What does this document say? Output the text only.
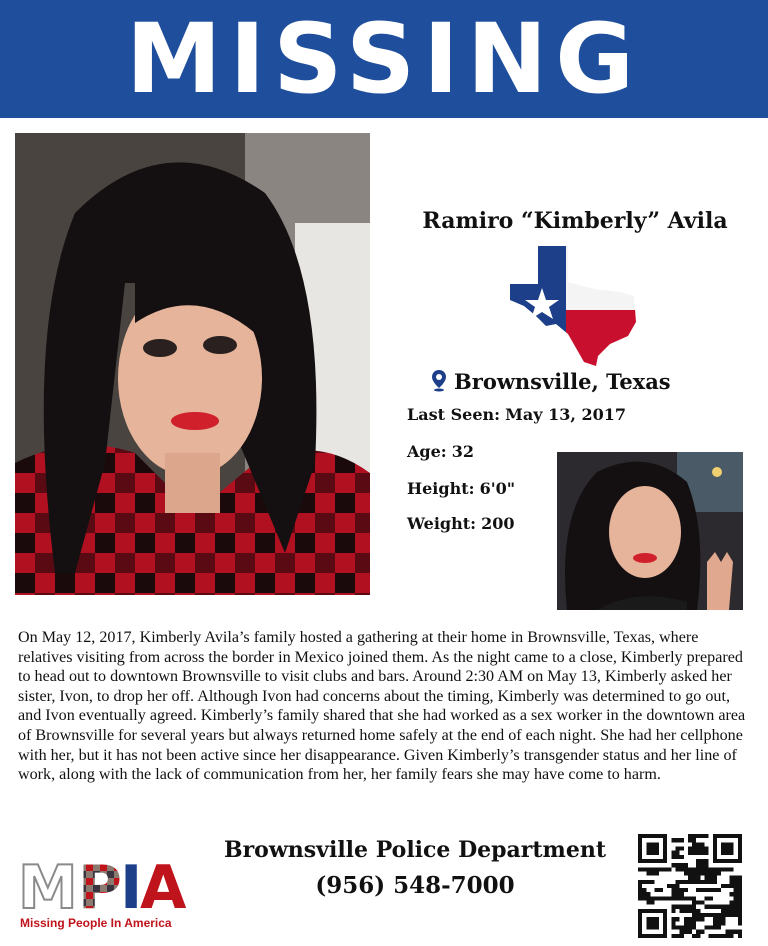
MISSING
Ramiro “Kimberly” Avila
Brownsville, Texas
Last Seen: May 13, 2017
Age: 32
Height: 6'0"
Weight: 200
On May 12, 2017, Kimberly Avila’s family hosted a gathering at their home in Brownsville, Texas, where relatives visiting from across the border in Mexico joined them. As the night came to a close, Kimberly prepared to head out to downtown Brownsville to visit clubs and bars. Around 2:30 AM on May 13, Kimberly asked her sister, Ivon, to drop her off. Although Ivon had concerns about the timing, Kimberly was determined to go out, and Ivon eventually agreed. Kimberly’s family shared that she had worked as a sex worker in the downtown area of Brownsville for several years but always returned home safely at the end of each night. She had her cellphone with her, but it has not been active since her disappearance. Given Kimberly’s transgender status and her line of work, along with the lack of communication from her, her family fears she may have come to harm.
M P
I
A
Missing People In America
Brownsville Police Department
(956) 548-7000
